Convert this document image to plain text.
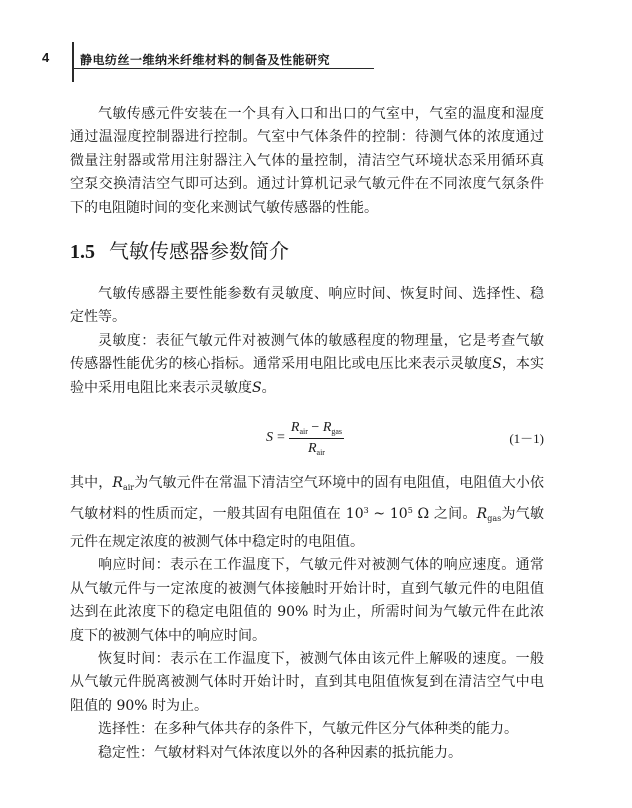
4	静电纺丝一维纳米纤维材料的制备及性能研究

气敏传感元件安装在一个具有入口和出口的气室中，气室的温度和湿度通过温湿度控制器进行控制。气室中气体条件的控制：待测气体的浓度通过微量注射器或常用注射器注入气体的量控制，清洁空气环境状态采用循环真空泵交换清洁空气即可达到。通过计算机记录气敏元件在不同浓度气氛条件下的电阻随时间的变化来测试气敏传感器的性能。

1.5 气敏传感器参数简介

气敏传感器主要性能参数有灵敏度、响应时间、恢复时间、选择性、稳定性等。

灵敏度：表征气敏元件对被测气体的敏感程度的物理量，它是考查气敏传感器性能优劣的核心指标。通常采用电阻比或电压比来表示灵敏度S，本实验中采用电阻比来表示灵敏度S。

$S = \frac{R_{air} - R_{gas}}{R_{air}}$	(1－1)

其中，$R_{air}$为气敏元件在常温下清洁空气环境中的固有电阻值，电阻值大小依气敏材料的性质而定，一般其固有电阻值在 $10^3$ ~ $10^5$ Ω 之间。$R_{gas}$为气敏元件在规定浓度的被测气体中稳定时的电阻值。

响应时间：表示在工作温度下，气敏元件对被测气体的响应速度。通常从气敏元件与一定浓度的被测气体接触时开始计时，直到气敏元件的电阻值达到在此浓度下的稳定电阻值的 90% 时为止，所需时间为气敏元件在此浓度下的被测气体中的响应时间。

恢复时间：表示在工作温度下，被测气体由该元件上解吸的速度。一般从气敏元件脱离被测气体时开始计时，直到其电阻值恢复到在清洁空气中电阻值的 90% 时为止。

选择性：在多种气体共存的条件下，气敏元件区分气体种类的能力。

稳定性：气敏材料对气体浓度以外的各种因素的抵抗能力。
